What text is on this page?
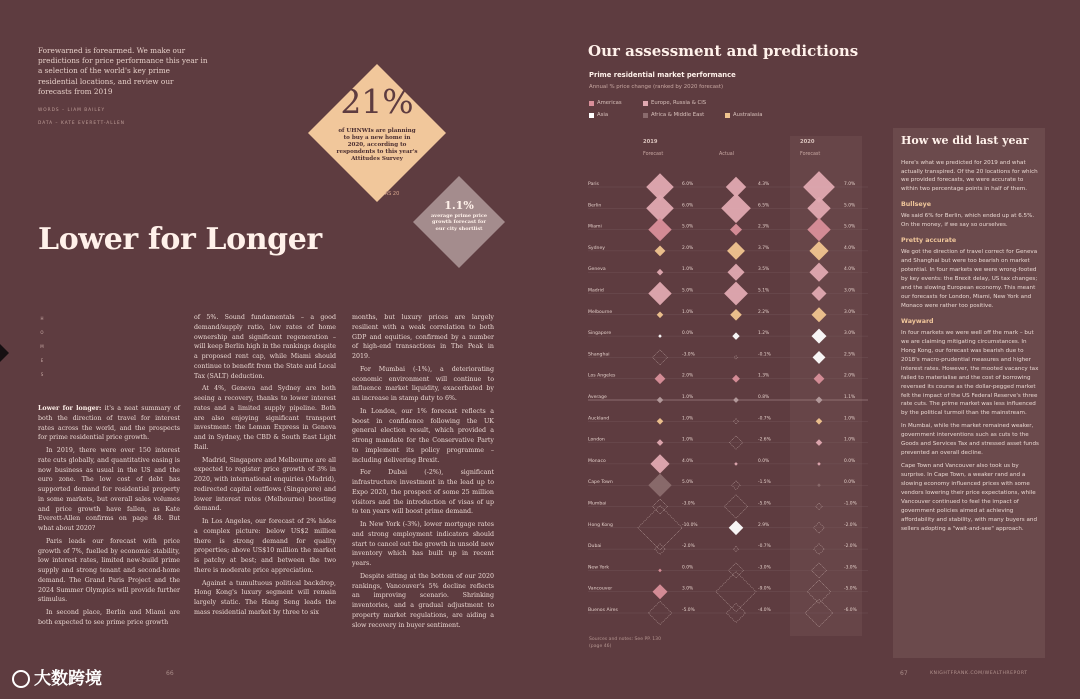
Forewarned is forearmed. We make our predictions for price performance this year in a selection of the world's key prime residential locations, and review our forecasts from 2019
WORDS – LIAM BAILEY
DATA – KATE EVERETT-ALLEN
21%
of UHNWIs are planning to buy a new home in 2020, according to respondents to this year's Attitudes Survey
1.1%
average prime price growth forecast for our city shortlist
AS 20
Lower for Longer
H
O
M
E
S

Lower for longer: it's a neat summary of both the direction of travel for interest rates across the world, and the prospects for prime residential price growth.

In 2019, there were over 150 interest rate cuts globally, and quantitative easing is now business as usual in the US and the euro zone. The low cost of debt has supported demand for residential property in some markets, but overall sales volumes and price growth have fallen, as Kate Everett-Allen confirms on page 48. But what about 2020?

Paris leads our forecast with price growth of 7%, fuelled by economic stability, low interest rates, limited new-build prime supply and strong tenant and second-home demand. The Grand Paris Project and the 2024 Summer Olympics will provide further stimulus.

In second place, Berlin and Miami are both expected to see prime price growth

of 5%. Sound fundamentals – a good demand/supply ratio, low rates of home ownership and significant regeneration – will keep Berlin high in the rankings despite a proposed rent cap, while Miami should continue to benefit from the State and Local Tax (SALT) deduction.

At 4%, Geneva and Sydney are both seeing a recovery, thanks to lower interest rates and a limited supply pipeline. Both are also enjoying significant transport investment: the Leman Express in Geneva and in Sydney, the CBD & South East Light Rail.

Madrid, Singapore and Melbourne are all expected to register price growth of 3% in 2020, with international enquiries (Madrid), redirected capital outflows (Singapore) and lower interest rates (Melbourne) boosting demand.

In Los Angeles, our forecast of 2% hides a complex picture: below US$2 million there is strong demand for quality properties; above US$10 million the market is patchy at best; and between the two there is moderate price appreciation.

Against a tumultuous political backdrop, Hong Kong's luxury segment will remain largely static. The Hang Seng leads the mass residential market by three to six

months, but luxury prices are largely resilient with a weak correlation to both GDP and equities, confirmed by a number of high-end transactions in The Peak in 2019.

For Mumbai (-1%), a deteriorating economic environment will continue to influence market liquidity, exacerbated by an increase in stamp duty to 6%.

In London, our 1% forecast reflects a boost in confidence following the UK general election result, which provided a strong mandate for the Conservative Party to implement its policy programme – including delivering Brexit.

For Dubai (-2%), significant infrastructure investment in the lead up to Expo 2020, the prospect of some 25 million visitors and the introduction of visas of up to ten years will boost prime demand.

In New York (-3%), lower mortgage rates and strong employment indicators should start to cancel out the growth in unsold new inventory which has built up in recent years.

Despite sitting at the bottom of our 2020 rankings, Vancouver's 5% decline reflects an improving scenario. Shrinking inventories, and a gradual adjustment to property market regulations, are aiding a slow recovery in buyer sentiment.

66
大数跨境
Our assessment and predictions
Prime residential market performance
Annual % price change (ranked by 2020 forecast)
Americas	Europe, Russia & CIS
Asia	Africa & Middle East	Australasia
2019	2020
Forecast	Actual	Forecast
Paris	6.0%	4.3%	7.0%
Berlin	6.0%	6.5%	5.0%
Miami	5.0%	2.3%	5.0%
Sydney	2.0%	3.7%	4.0%
Geneva	1.0%	3.5%	4.0%
Madrid	5.0%	5.1%	3.0%
Melbourne	1.0%	2.2%	3.0%
Singapore	0.0%	1.2%	3.0%
Shanghai	-3.0%	-0.1%	2.5%
Los Angeles	2.0%	1.3%	2.0%
Average	1.0%	0.8%	1.1%
Auckland	1.0%	-0.7%	1.0%
London	1.0%	-2.6%	1.0%
Monaco	4.0%	0.0%	0.0%
Cape Town	5.0%	-1.5%	0.0%
Mumbai	-3.0%	-5.0%	-1.0%
Hong Kong	-10.0%	2.9%	-2.0%
Dubai	-2.0%	-0.7%	-2.0%
New York	0.0%	-3.0%	-3.0%
Vancouver	3.0%	-9.0%	-5.0%
Buenos Aires	-5.0%	-4.0%	-6.0%
Sources and notes: See PP. 130 (page 46)
How we did last year

Here's what we predicted for 2019 and what actually transpired. Of the 20 locations for which we provided forecasts, we were accurate to within two percentage points in half of them.

Bullseye

We said 6% for Berlin, which ended up at 6.5%. On the money, if we say so ourselves.

Pretty accurate

We got the direction of travel correct for Geneva and Shanghai but were too bearish on market potential. In four markets we were wrong-footed by key events: the Brexit delay, US tax changes; and the slowing European economy. This meant our forecasts for London, Miami, New York and Monaco were rather too positive.

Wayward

In four markets we were well off the mark – but we are claiming mitigating circumstances. In Hong Kong, our forecast was bearish due to 2018's macro-prudential measures and higher interest rates. However, the mooted vacancy tax failed to materialise and the cost of borrowing reversed its course as the dollar-pegged market felt the impact of the US Federal Reserve's three rate cuts. The prime market was less influenced by the political turmoil than the mainstream.

In Mumbai, while the market remained weaker, government interventions such as cuts to the Goods and Services Tax and stressed asset funds prevented an overall decline.

Cape Town and Vancouver also took us by surprise. In Cape Town, a weaker rand and a slowing economy influenced prices with some vendors lowering their price expectations, while Vancouver continued to feel the impact of government policies aimed at achieving affordability and stability, with many buyers and sellers adopting a "wait-and-see" approach.

67	KNIGHTFRANK.COM/WEALTHREPORT
